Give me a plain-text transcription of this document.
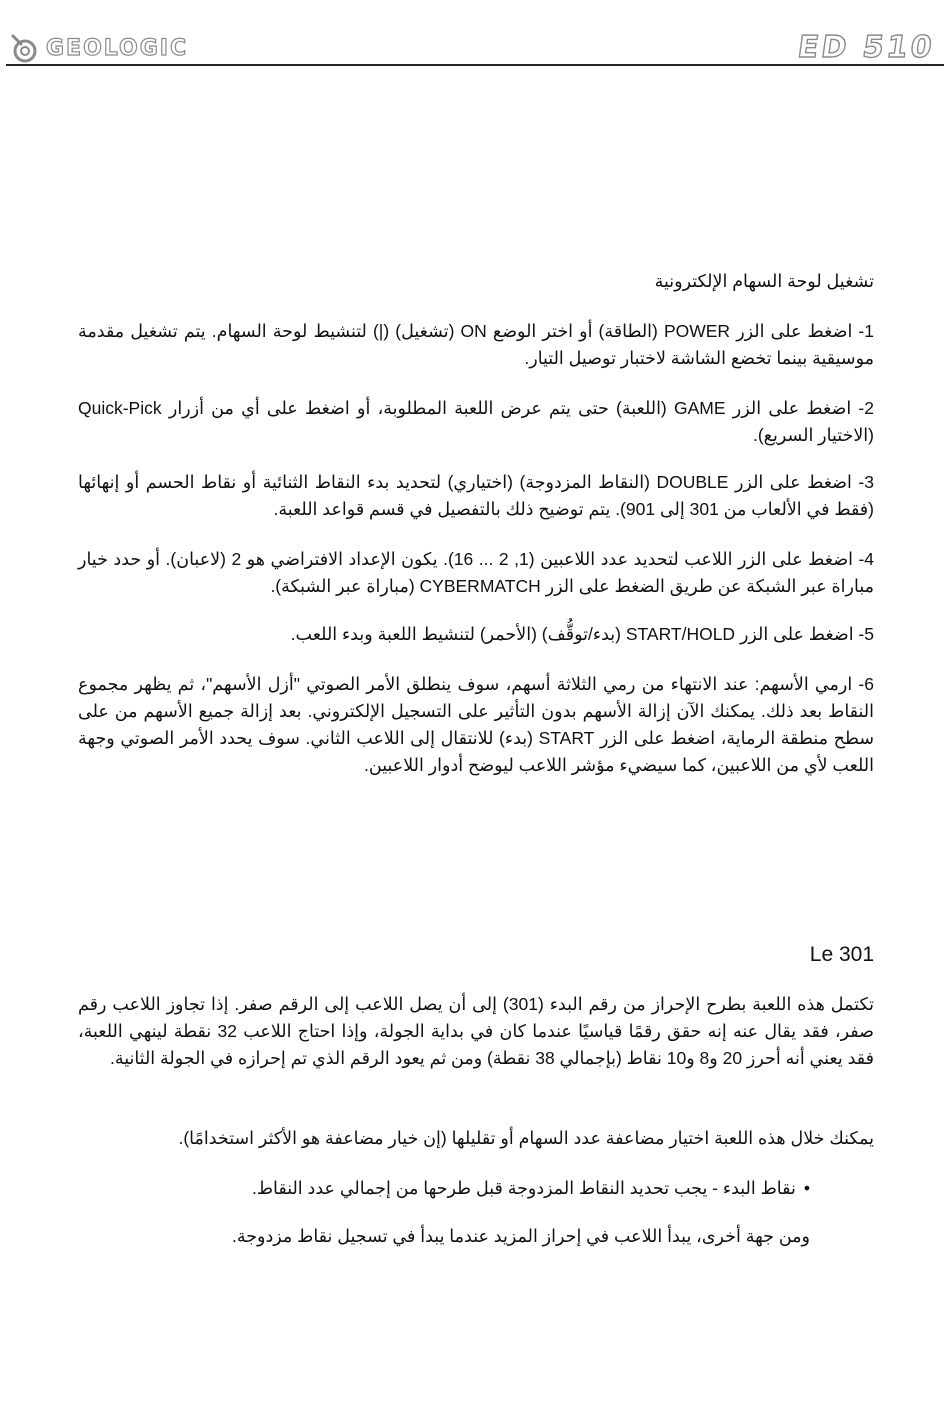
GEOLOGIC	ED 510
تشغيل لوحة السهام الإلكترونية
1- اضغط على الزر POWER (الطاقة) أو اختر الوضع ON (تشغيل) (|) لتنشيط لوحة السهام. يتم تشغيل مقدمة موسيقية بينما تخضع الشاشة لاختبار توصيل التيار.
2- اضغط على الزر GAME (اللعبة) حتى يتم عرض اللعبة المطلوبة، أو اضغط على أي من أزرار Quick-Pick (الاختيار السريع).
3- اضغط على الزر DOUBLE (النقاط المزدوجة) (اختياري) لتحديد بدء النقاط الثنائية أو نقاط الحسم أو إنهائها (فقط في الألعاب من 301 إلى 901). يتم توضيح ذلك بالتفصيل في قسم قواعد اللعبة.
4- اضغط على الزر اللاعب لتحديد عدد اللاعبين (1, 2 ... 16). يكون الإعداد الافتراضي هو 2 (لاعبان). أو حدد خيار مباراة عبر الشبكة عن طريق الضغط على الزر CYBERMATCH (مباراة عبر الشبكة).
5- اضغط على الزر START/HOLD (بدء/توقُّف) (الأحمر) لتنشيط اللعبة وبدء اللعب.
6- ارمي الأسهم: عند الانتهاء من رمي الثلاثة أسهم، سوف ينطلق الأمر الصوتي "أزل الأسهم"، ثم يظهر مجموع النقاط بعد ذلك. يمكنك الآن إزالة الأسهم بدون التأثير على التسجيل الإلكتروني. بعد إزالة جميع الأسهم من على سطح منطقة الرماية، اضغط على الزر START (بدء) للانتقال إلى اللاعب الثاني. سوف يحدد الأمر الصوتي وجهة اللعب لأي من اللاعبين، كما سيضيء مؤشر اللاعب ليوضح أدوار اللاعبين.
Le 301
تكتمل هذه اللعبة بطرح الإحراز من رقم البدء (301) إلى أن يصل اللاعب إلى الرقم صفر. إذا تجاوز اللاعب رقم صفر، فقد يقال عنه إنه حقق رقمًا قياسيًا عندما كان في بداية الجولة، وإذا احتاج اللاعب 32 نقطة لينهي اللعبة، فقد يعني أنه أحرز 20 و8 و10 نقاط (بإجمالي 38 نقطة) ومن ثم يعود الرقم الذي تم إحرازه في الجولة الثانية.
يمكنك خلال هذه اللعبة اختيار مضاعفة عدد السهام أو تقليلها (إن خيار مضاعفة هو الأكثر استخدامًا).
•نقاط البدء - يجب تحديد النقاط المزدوجة قبل طرحها من إجمالي عدد النقاط.
ومن جهة أخرى، يبدأ اللاعب في إحراز المزيد عندما يبدأ في تسجيل نقاط مزدوجة.
